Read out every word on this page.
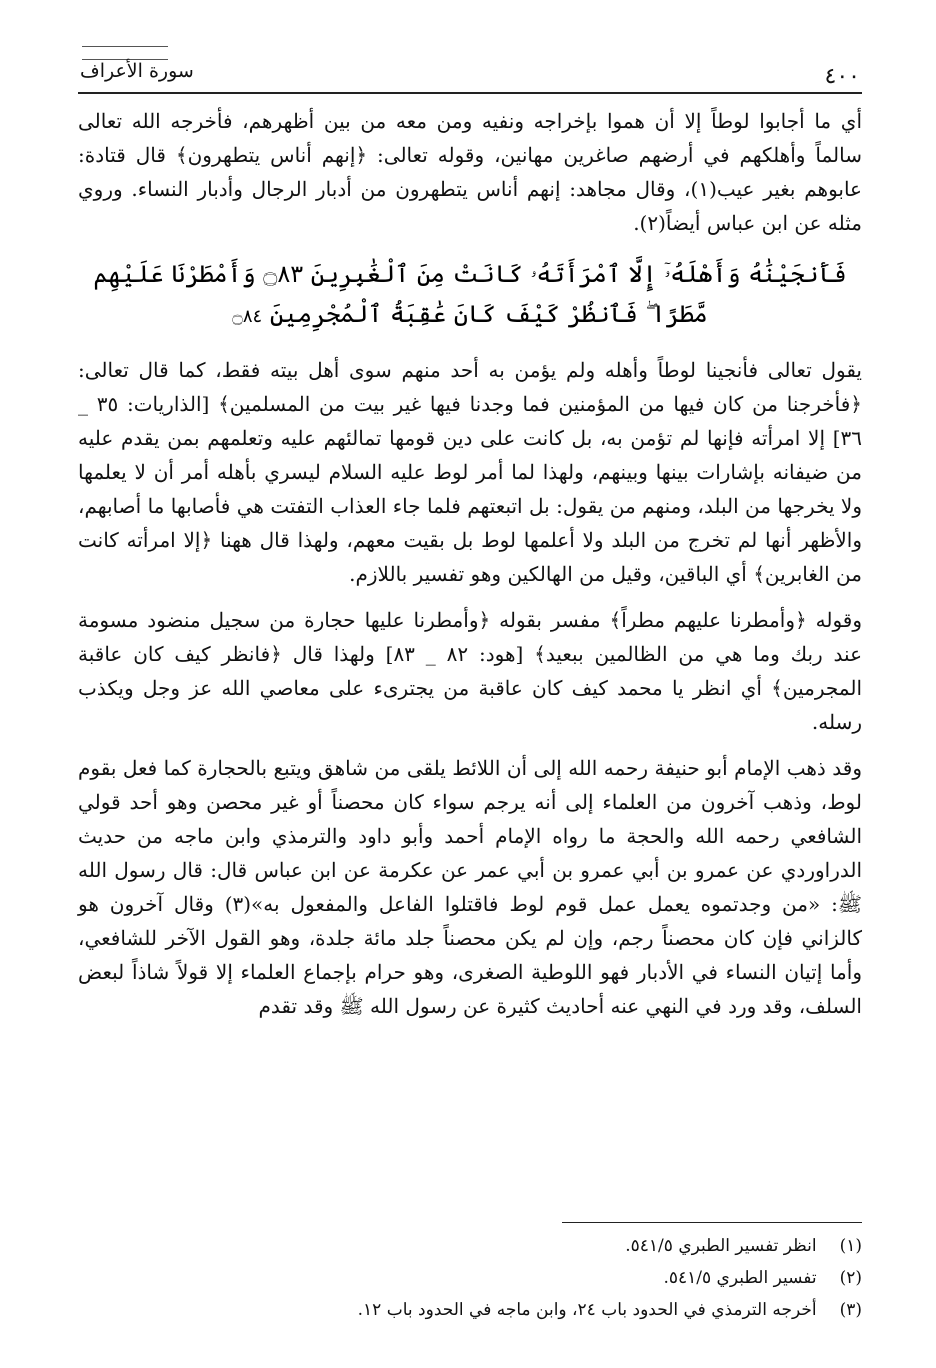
سورة الأعراف	٤٠٠

أي ما أجابوا لوطاً إلا أن هموا بإخراجه ونفيه ومن معه من بين أظهرهم، فأخرجه الله تعالى سالماً وأهلكهم في أرضهم صاغرين مهانين، وقوله تعالى: ﴿إنهم أناس يتطهرون﴾ قال قتادة: عابوهم بغير عيب(١)، وقال مجاهد: إنهم أناس يتطهرون من أدبار الرجال وأدبار النساء. وروي مثله عن ابن عباس أيضاً(٢).

فَأَنجَيْنَٰهُ وَأَهْلَهُۥٓ إِلَّا ٱمْرَأَتَهُۥ كَانَتْ مِنَ ٱلْغَٰبِرِينَ ۝٨٣ وَأَمْطَرْنَا عَلَيْهِم مَّطَرًا ۖ فَٱنظُرْ كَيْفَ كَانَ عَٰقِبَةُ ٱلْمُجْرِمِينَ ۝٨٤

يقول تعالى فأنجينا لوطاً وأهله ولم يؤمن به أحد منهم سوى أهل بيته فقط، كما قال تعالى: ﴿فأخرجنا من كان فيها من المؤمنين فما وجدنا فيها غير بيت من المسلمين﴾ [الذاريات: ٣٥ _ ٣٦] إلا امرأته فإنها لم تؤمن به، بل كانت على دين قومها تمالئهم عليه وتعلمهم بمن يقدم عليه من ضيفانه بإشارات بينها وبينهم، ولهذا لما أمر لوط عليه السلام ليسري بأهله أمر أن لا يعلمها ولا يخرجها من البلد، ومنهم من يقول: بل اتبعتهم فلما جاء العذاب التفتت هي فأصابها ما أصابهم، والأظهر أنها لم تخرج من البلد ولا أعلمها لوط بل بقيت معهم، ولهذا قال ههنا ﴿إلا امرأته كانت من الغابرين﴾ أي الباقين، وقيل من الهالكين وهو تفسير باللازم.

وقوله ﴿وأمطرنا عليهم مطراً﴾ مفسر بقوله ﴿وأمطرنا عليها حجارة من سجيل منضود مسومة عند ربك وما هي من الظالمين ببعيد﴾ [هود: ٨٢ _ ٨٣] ولهذا قال ﴿فانظر كيف كان عاقبة المجرمين﴾ أي انظر يا محمد كيف كان عاقبة من يجترىء على معاصي الله عز وجل ويكذب رسله.

وقد ذهب الإمام أبو حنيفة رحمه الله إلى أن اللائط يلقى من شاهق ويتبع بالحجارة كما فعل بقوم لوط، وذهب آخرون من العلماء إلى أنه يرجم سواء كان محصناً أو غير محصن وهو أحد قولي الشافعي رحمه الله والحجة ما رواه الإمام أحمد وأبو داود والترمذي وابن ماجه من حديث الدراوردي عن عمرو بن أبي عمرو بن أبي عمر عن عكرمة عن ابن عباس قال: قال رسول الله ﷺ: «من وجدتموه يعمل عمل قوم لوط فاقتلوا الفاعل والمفعول به»(٣) وقال آخرون هو كالزاني فإن كان محصناً رجم، وإن لم يكن محصناً جلد مائة جلدة، وهو القول الآخر للشافعي، وأما إتيان النساء في الأدبار فهو اللوطية الصغرى، وهو حرام بإجماع العلماء إلا قولاً شاذاً لبعض السلف، وقد ورد في النهي عنه أحاديث كثيرة عن رسول الله ﷺ وقد تقدم

(١) انظر تفسير الطبري ٥٤١/٥.
(٢) تفسير الطبري ٥٤١/٥.
(٣) أخرجه الترمذي في الحدود باب ٢٤، وابن ماجه في الحدود باب ١٢.
